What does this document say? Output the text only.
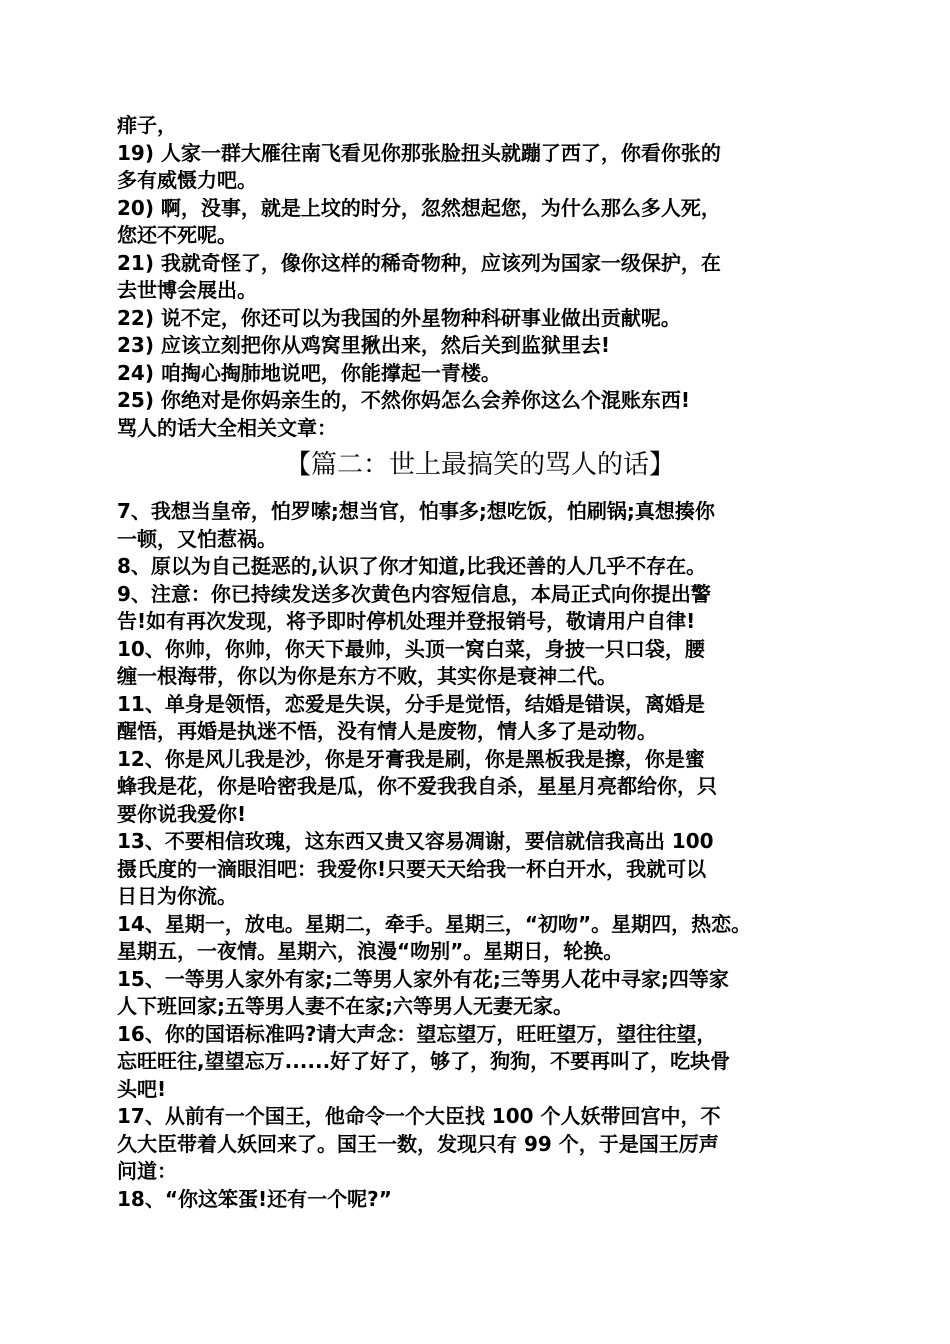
痱子，
19) 人家一群大雁往南飞看见你那张脸扭头就蹦了西了，你看你张的
多有威慑力吧。
20) 啊，没事，就是上坟的时分，忽然想起您，为什么那么多人死，
您还不死呢。
21) 我就奇怪了，像你这样的稀奇物种，应该列为国家一级保护，在
去世博会展出。
22) 说不定，你还可以为我国的外星物种科研事业做出贡献呢。
23) 应该立刻把你从鸡窝里揪出来，然后关到监狱里去!
24) 咱掏心掏肺地说吧，你能撑起一青楼。
25) 你绝对是你妈亲生的，不然你妈怎么会养你这么个混账东西!
骂人的话大全相关文章：
【篇二：世上最搞笑的骂人的话】
7、我想当皇帝，怕罗嗦;想当官，怕事多;想吃饭，怕刷锅;真想揍你
一顿，又怕惹祸。
8、原以为自己挺恶的,认识了你才知道,比我还善的人几乎不存在。
9、注意：你已持续发送多次黄色内容短信息，本局正式向你提出警
告!如有再次发现，将予即时停机处理并登报销号，敬请用户自律!
10、你帅，你帅，你天下最帅，头顶一窝白菜，身披一只口袋，腰
缠一根海带，你以为你是东方不败，其实你是衰神二代。
11、单身是领悟，恋爱是失误，分手是觉悟，结婚是错误，离婚是
醒悟，再婚是执迷不悟，没有情人是废物，情人多了是动物。
12、你是风儿我是沙，你是牙膏我是刷，你是黑板我是擦，你是蜜
蜂我是花，你是哈密我是瓜，你不爱我我自杀，星星月亮都给你，只
要你说我爱你!
13、不要相信玫瑰，这东西又贵又容易凋谢，要信就信我高出 100
摄氏度的一滴眼泪吧：我爱你!只要天天给我一杯白开水，我就可以
日日为你流。
14、星期一，放电。星期二，牵手。星期三，“初吻”。星期四，热恋。
星期五，一夜情。星期六，浪漫“吻别”。星期日，轮换。
15、一等男人家外有家;二等男人家外有花;三等男人花中寻家;四等家
人下班回家;五等男人妻不在家;六等男人无妻无家。
16、你的国语标准吗?请大声念：望忘望万，旺旺望万，望往往望，
忘旺旺往,望望忘万......好了好了，够了，狗狗，不要再叫了，吃块骨
头吧!
17、从前有一个国王，他命令一个大臣找 100 个人妖带回宫中，不
久大臣带着人妖回来了。国王一数，发现只有 99 个，于是国王厉声
问道：
18、“你这笨蛋!还有一个呢?”
